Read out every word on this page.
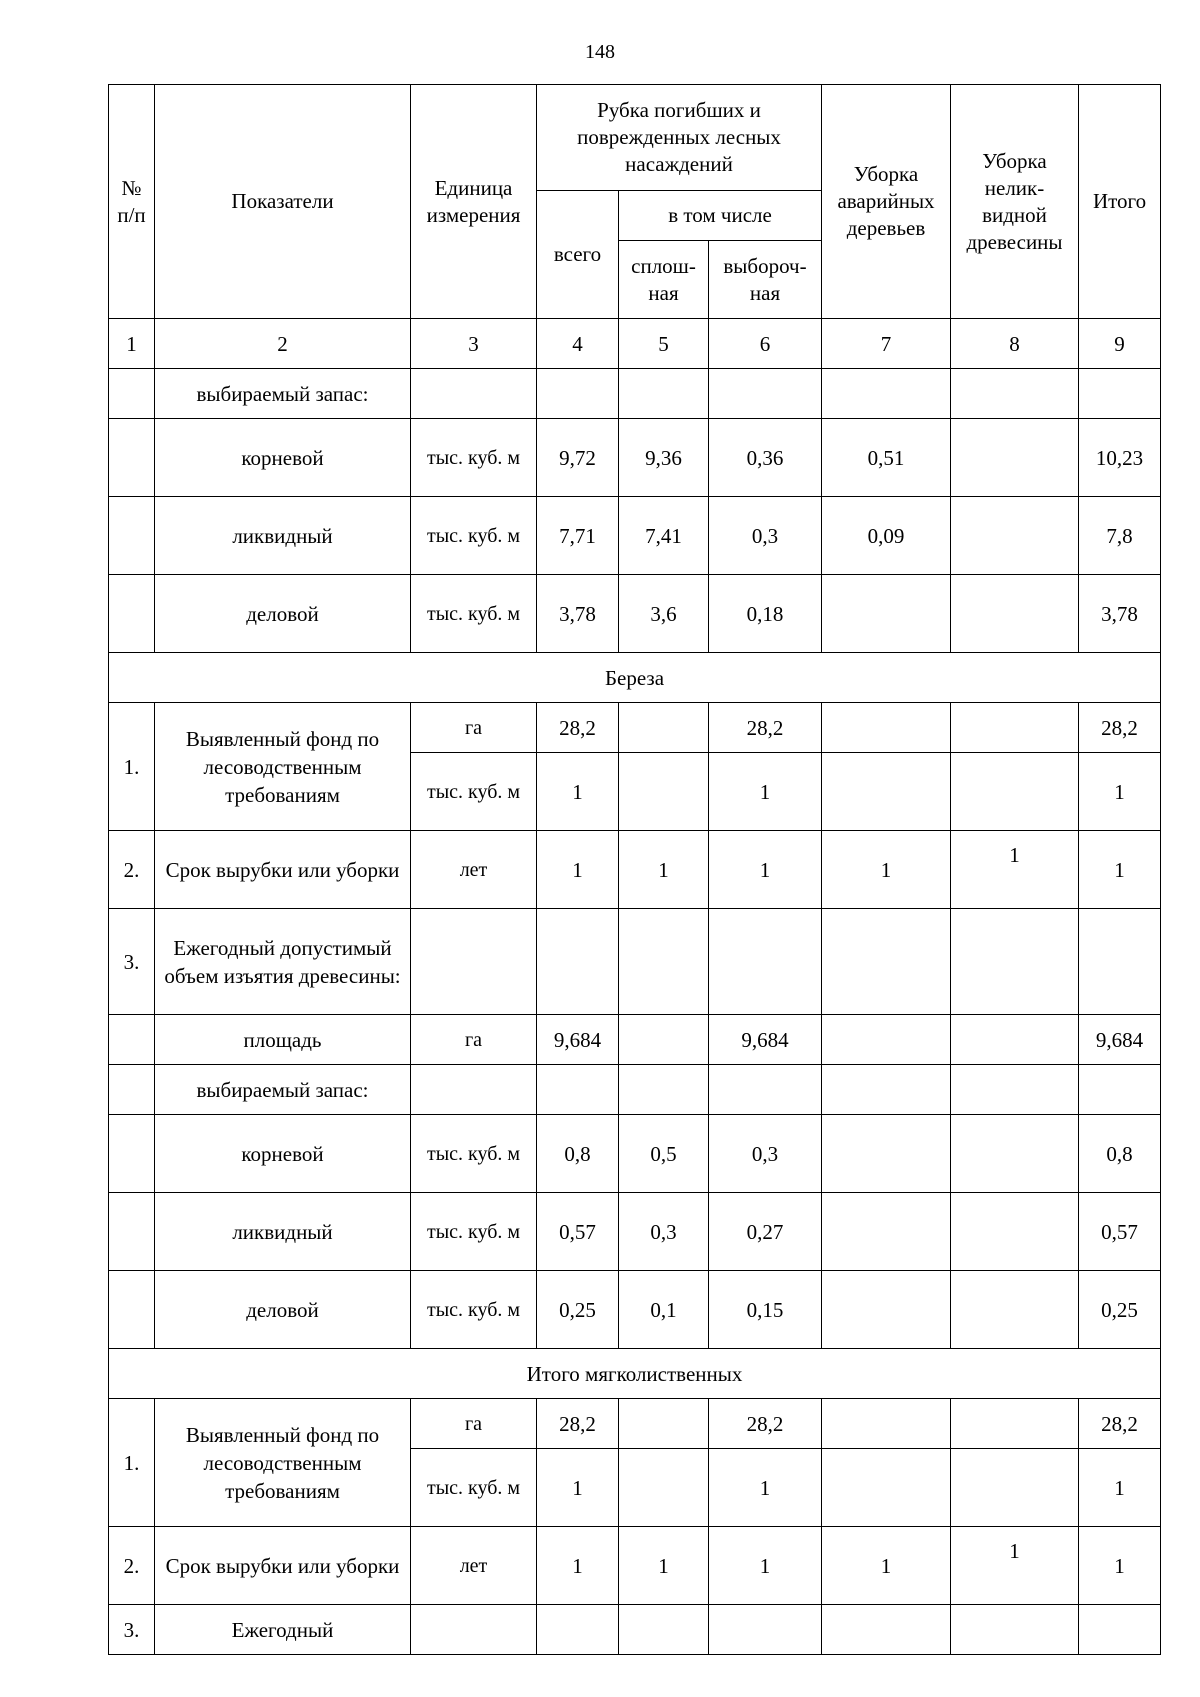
148
№ п/п	Показатели	Единица измерения	Рубка погибших и поврежденных лесных насаждений			Уборка аварийных деревьев	Уборка нелик-видной древесины	Итого
			всего	в том числе				
				сплош-ная	выбороч-ная			
1	2	3	4	5	6	7	8	9
	выбираемый запас:							
	корневой	тыс. куб. м	9,72	9,36	0,36	0,51		10,23
	ликвидный	тыс. куб. м	7,71	7,41	0,3	0,09		7,8
	деловой	тыс. куб. м	3,78	3,6	0,18			3,78
Береза								
1.	Выявленный фонд по лесоводственным требованиям	га	28,2		28,2			28,2
		тыс. куб. м	1		1			1
2.	Срок вырубки или уборки	лет	1	1	1	1	1	1
3.	Ежегодный допустимый объем изъятия древесины:							
	площадь	га	9,684		9,684			9,684
	выбираемый запас:							
	корневой	тыс. куб. м	0,8	0,5	0,3			0,8
	ликвидный	тыс. куб. м	0,57	0,3	0,27			0,57
	деловой	тыс. куб. м	0,25	0,1	0,15			0,25
Итого мягколиственных								
1.	Выявленный фонд по лесоводственным требованиям	га	28,2		28,2			28,2
		тыс. куб. м	1		1			1
2.	Срок вырубки или уборки	лет	1	1	1	1	1	1
3.	Ежегодный							
